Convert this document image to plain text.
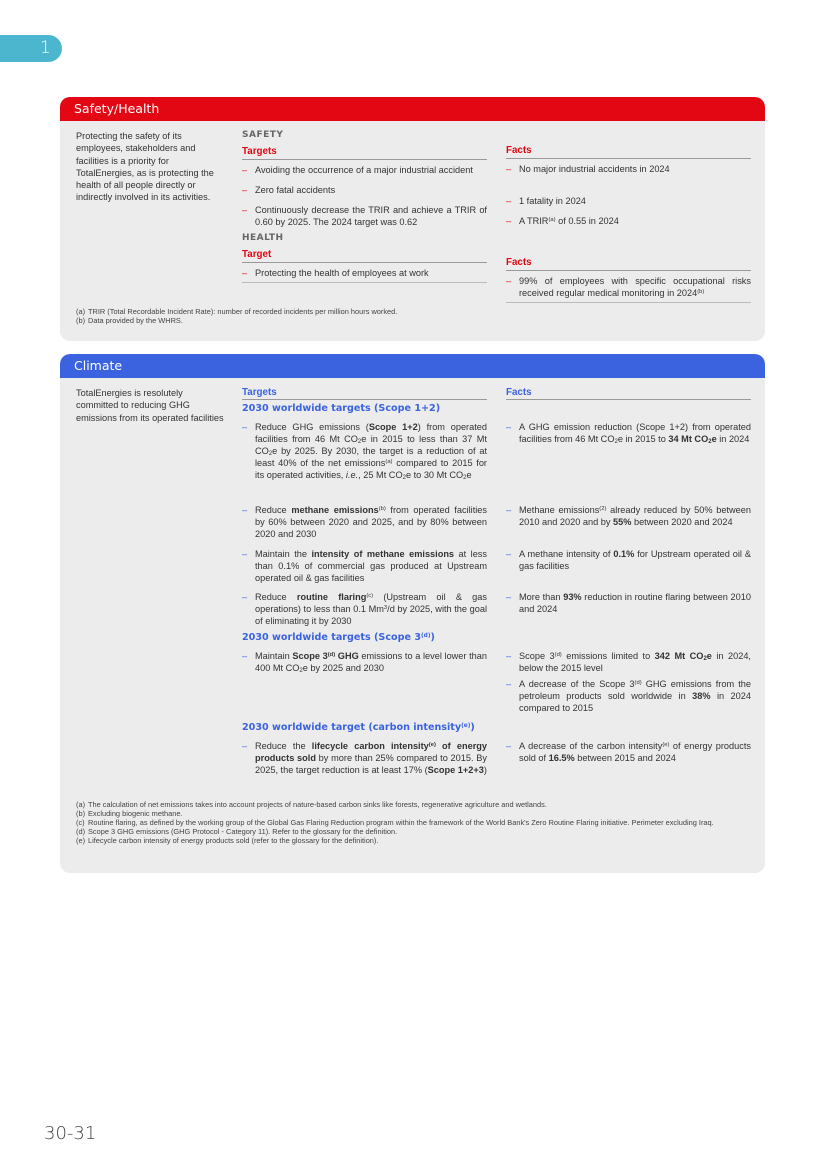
1
Safety/Health

Protecting the safety of its employees, stakeholders and facilities is a priority for TotalEnergies, as is protecting the health of all people directly or indirectly involved in its activities.

SAFETY
Targets
– Avoiding the occurrence of a major industrial accident
– Zero fatal accidents
– Continuously decrease the TRIR and achieve a TRIR of 0.60 by 2025. The 2024 target was 0.62
HEALTH
Target
– Protecting the health of employees at work
Facts
– No major industrial accidents in 2024
– 1 fatality in 2024
– A TRIR$^{(a)}$ of 0.55 in 2024
Facts
– 99% of employees with specific occupational risks received regular medical monitoring in 2024$^{(b)}$
(a) TRIR (Total Recordable Incident Rate): number of recorded incidents per million hours worked.
(b) Data provided by the WHRS.
Climate

TotalEnergies is resolutely committed to reducing GHG emissions from its operated facilities

Targets	Facts
2030 worldwide targets (Scope 1+2)
– Reduce GHG emissions (Scope 1+2) from operated facilities from 46 Mt $CO_2e$ in 2015 to less than 37 Mt $CO_2e$ by 2025. By 2030, the target is a reduction of at least 40% of the net emissions$^{(a)}$ compared to 2015 for its operated activities, i.e., 25 Mt $CO_2e$ to 30 Mt $CO_2e$
– A GHG emission reduction (Scope 1+2) from operated facilities from 46 Mt $CO_2e$ in 2015 to 34 Mt $CO_2e$ in 2024
– Reduce methane emissions$^{(b)}$ from operated facilities by 60% between 2020 and 2025, and by 80% between 2020 and 2030
– Methane emissions$^{(2)}$ already reduced by 50% between 2010 and 2020 and by 55% between 2020 and 2024
– Maintain the intensity of methane emissions at less than 0.1% of commercial gas produced at Upstream operated oil & gas facilities
– A methane intensity of 0.1% for Upstream operated oil & gas facilities
– Reduce routine flaring$^{(c)}$ (Upstream oil & gas operations) to less than 0.1 Mm$^3$/d by 2025, with the goal of eliminating it by 2030
– More than 93% reduction in routine flaring between 2010 and 2024
2030 worldwide targets (Scope 3$^{(d)}$)
– Maintain Scope 3$^{(d)}$ GHG emissions to a level lower than 400 Mt $CO_2e$ by 2025 and 2030
– Scope 3$^{(d)}$ emissions limited to 342 Mt $CO_2e$ in 2024, below the 2015 level
– A decrease of the Scope 3$^{(d)}$ GHG emissions from the petroleum products sold worldwide in 38% in 2024 compared to 2015
2030 worldwide target (carbon intensity$^{(e)}$)
– Reduce the lifecycle carbon intensity$^{(e)}$ of energy products sold by more than 25% compared to 2015. By 2025, the target reduction is at least 17% (Scope 1+2+3)
– A decrease of the carbon intensity$^{(e)}$ of energy products sold of 16.5% between 2015 and 2024
(a) The calculation of net emissions takes into account projects of nature-based carbon sinks like forests, regenerative agriculture and wetlands.
(b) Excluding biogenic methane.
(c) Routine flaring, as defined by the working group of the Global Gas Flaring Reduction program within the framework of the World Bank's Zero Routine Flaring initiative. Perimeter excluding Iraq.
(d) Scope 3 GHG emissions (GHG Protocol - Category 11). Refer to the glossary for the definition.
(e) Lifecycle carbon intensity of energy products sold (refer to the glossary for the definition).
30-31
